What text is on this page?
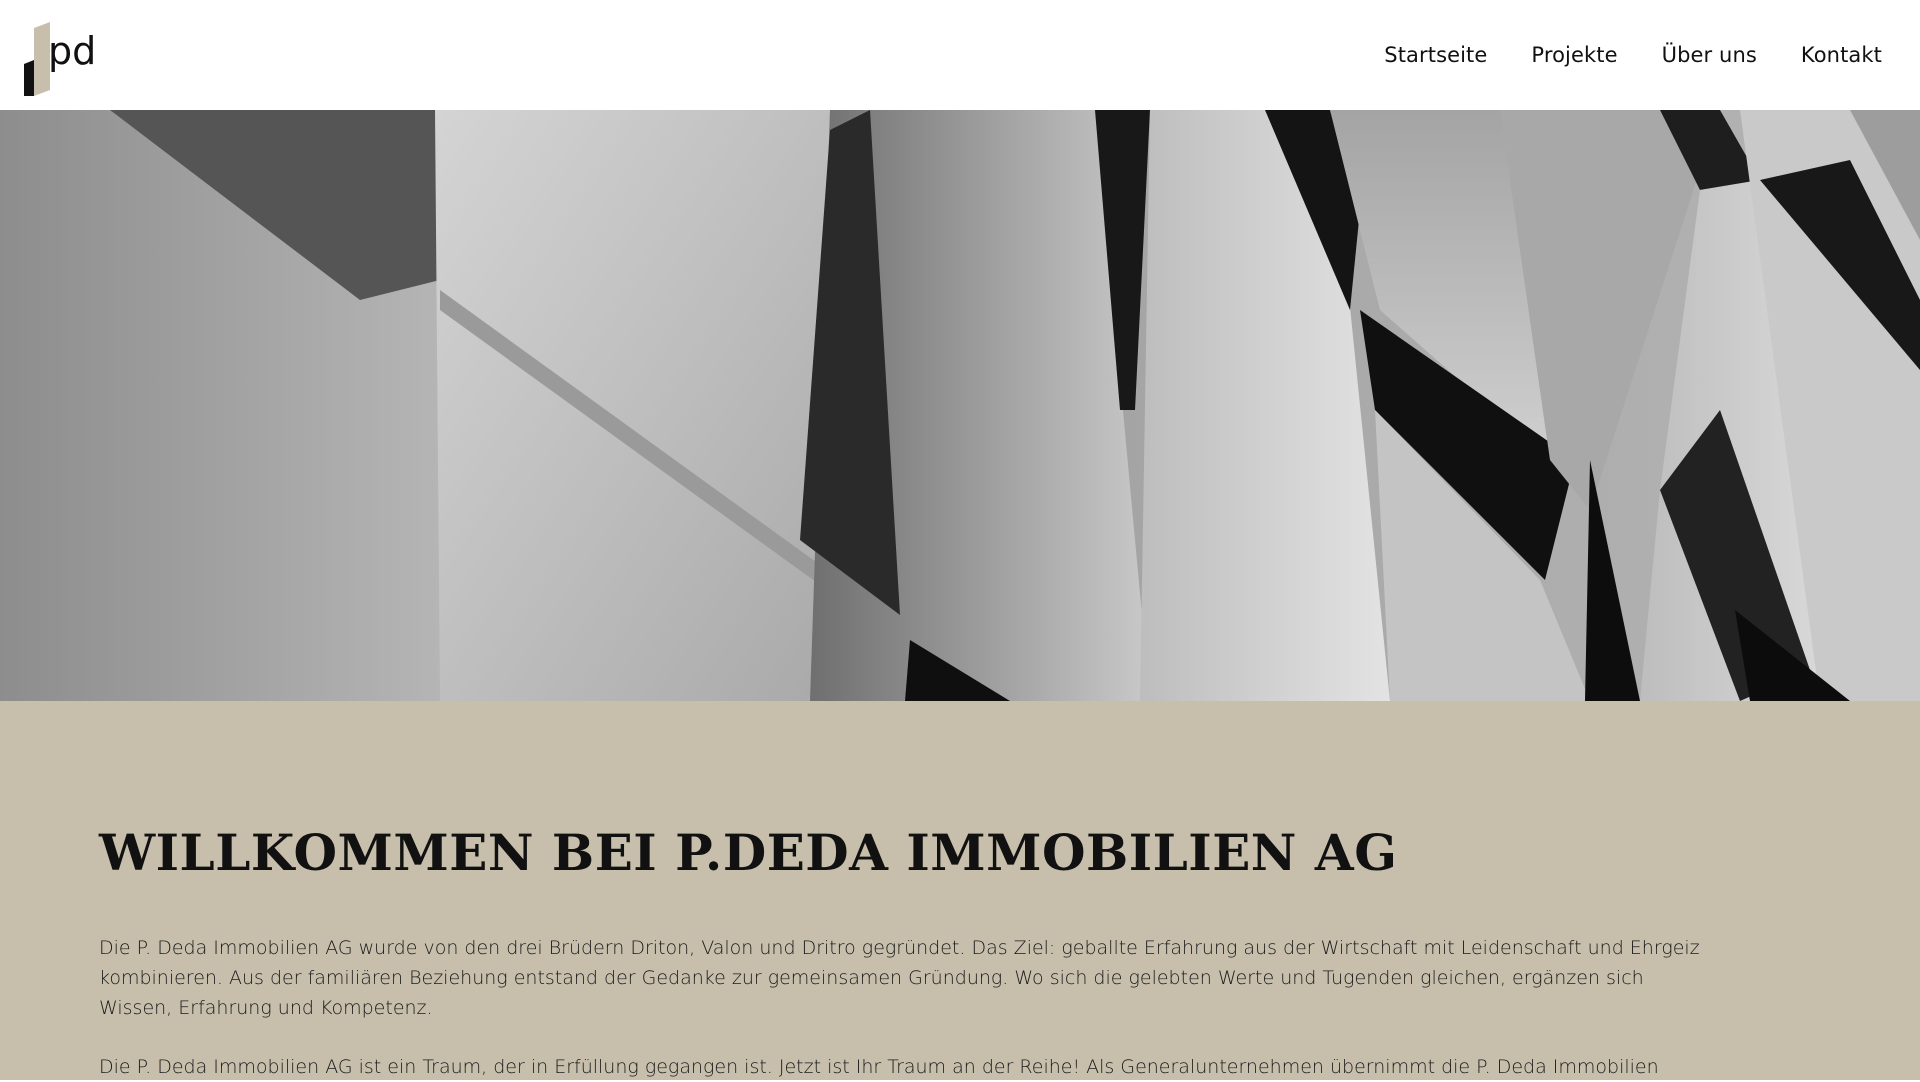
pd	Startseite Projekte Über uns Kontakt
WILLKOMMEN BEI P.DEDA IMMOBILIEN AG

Die P. Deda Immobilien AG wurde von den drei Brüdern Driton, Valon und Dritro gegründet. Das Ziel: geballte Erfahrung aus der Wirtschaft mit Leidenschaft und Ehrgeiz kombinieren. Aus der familiären Beziehung entstand der Gedanke zur gemeinsamen Gründung. Wo sich die gelebten Werte und Tugenden gleichen, ergänzen sich Wissen, Erfahrung und Kompetenz.

Die P. Deda Immobilien AG ist ein Traum, der in Erfüllung gegangen ist. Jetzt ist Ihr Traum an der Reihe! Als Generalunternehmen übernimmt die P. Deda Immobilien
